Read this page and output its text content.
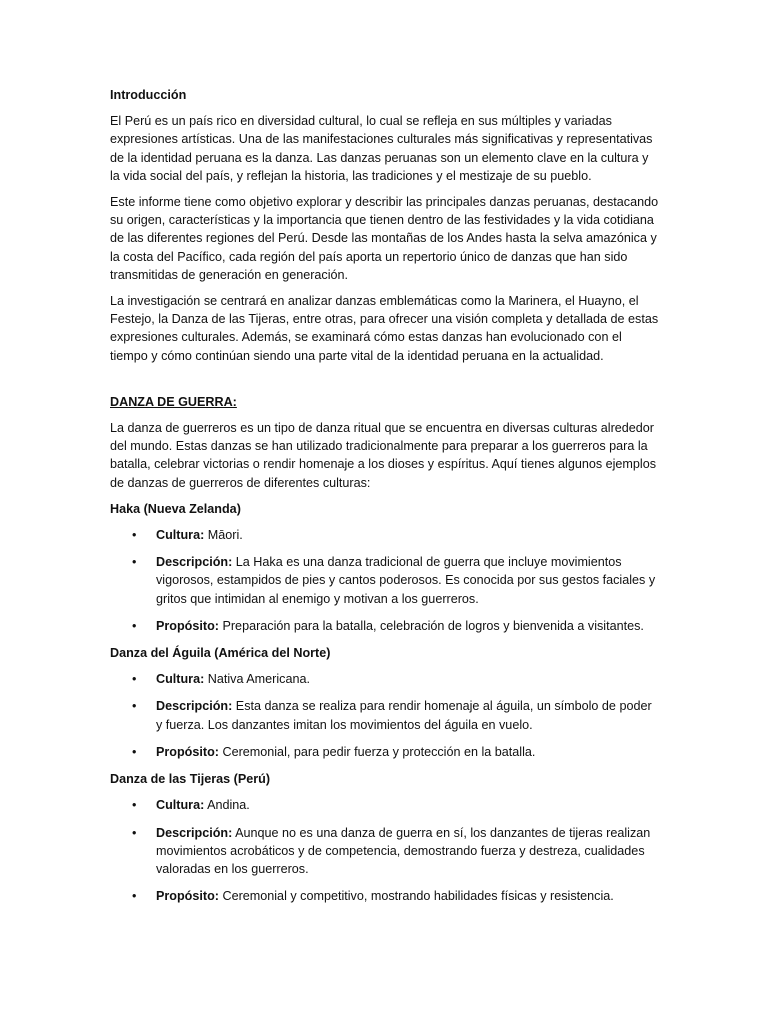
Introducción

El Perú es un país rico en diversidad cultural, lo cual se refleja en sus múltiples y variadas expresiones artísticas. Una de las manifestaciones culturales más significativas y representativas de la identidad peruana es la danza. Las danzas peruanas son un elemento clave en la cultura y la vida social del país, y reflejan la historia, las tradiciones y el mestizaje de su pueblo.

Este informe tiene como objetivo explorar y describir las principales danzas peruanas, destacando su origen, características y la importancia que tienen dentro de las festividades y la vida cotidiana de las diferentes regiones del Perú. Desde las montañas de los Andes hasta la selva amazónica y la costa del Pacífico, cada región del país aporta un repertorio único de danzas que han sido transmitidas de generación en generación.

La investigación se centrará en analizar danzas emblemáticas como la Marinera, el Huayno, el Festejo, la Danza de las Tijeras, entre otras, para ofrecer una visión completa y detallada de estas expresiones culturales. Además, se examinará cómo estas danzas han evolucionado con el tiempo y cómo continúan siendo una parte vital de la identidad peruana en la actualidad.

DANZA DE GUERRA:

La danza de guerreros es un tipo de danza ritual que se encuentra en diversas culturas alrededor del mundo. Estas danzas se han utilizado tradicionalmente para preparar a los guerreros para la batalla, celebrar victorias o rendir homenaje a los dioses y espíritus. Aquí tienes algunos ejemplos de danzas de guerreros de diferentes culturas:

Haka (Nueva Zelanda)
• Cultura: Māori.
• Descripción: La Haka es una danza tradicional de guerra que incluye movimientos vigorosos, estampidos de pies y cantos poderosos. Es conocida por sus gestos faciales y gritos que intimidan al enemigo y motivan a los guerreros.
• Propósito: Preparación para la batalla, celebración de logros y bienvenida a visitantes.
Danza del Águila (América del Norte)
• Cultura: Nativa Americana.
• Descripción: Esta danza se realiza para rendir homenaje al águila, un símbolo de poder y fuerza. Los danzantes imitan los movimientos del águila en vuelo.
• Propósito: Ceremonial, para pedir fuerza y protección en la batalla.
Danza de las Tijeras (Perú)
• Cultura: Andina.
• Descripción: Aunque no es una danza de guerra en sí, los danzantes de tijeras realizan movimientos acrobáticos y de competencia, demostrando fuerza y destreza, cualidades valoradas en los guerreros.
• Propósito: Ceremonial y competitivo, mostrando habilidades físicas y resistencia.
